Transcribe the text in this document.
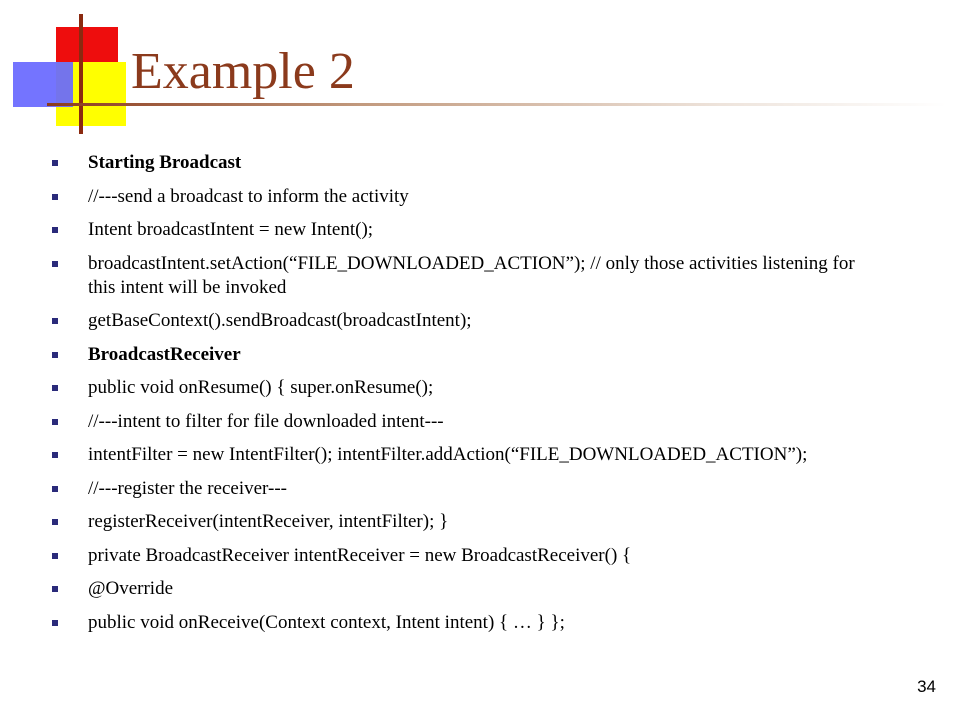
Example 2
Starting Broadcast
//---send a broadcast to inform the activity
Intent broadcastIntent = new Intent();
broadcastIntent.setAction(“FILE_DOWNLOADED_ACTION”); // only those activities listening for this intent will be invoked
getBaseContext().sendBroadcast(broadcastIntent);
BroadcastReceiver
public void onResume() { super.onResume();
//---intent to filter for file downloaded intent---
intentFilter = new IntentFilter(); intentFilter.addAction(“FILE_DOWNLOADED_ACTION”);
//---register the receiver---
registerReceiver(intentReceiver, intentFilter); }
private BroadcastReceiver intentReceiver = new BroadcastReceiver() {
@Override
public void onReceive(Context context, Intent intent) { … } };
34
